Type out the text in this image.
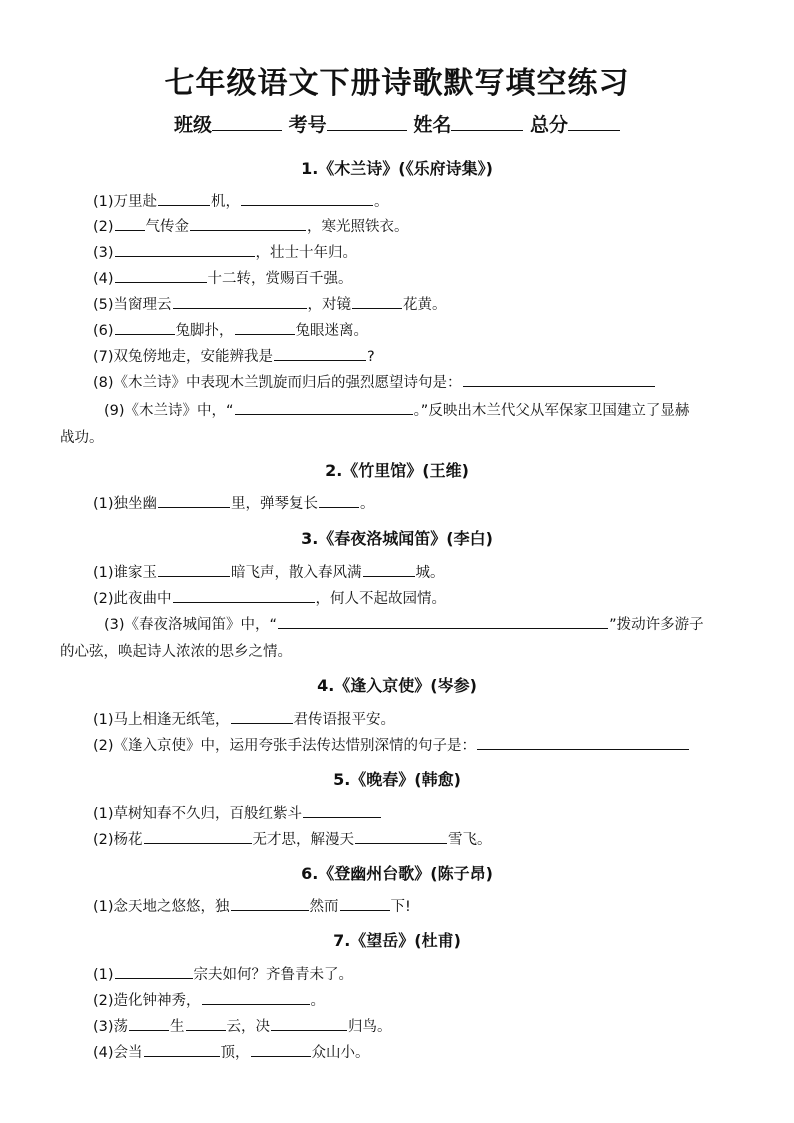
七年级语文下册诗歌默写填空练习
班级	考号	姓名	总分
1.《木兰诗》(《乐府诗集》)
(1)万里赴	机，	。
(2) 气传金	，寒光照铁衣。
(3)	，壮士十年归。
(4)	十二转，赏赐百千强。
(5)当窗理云	，对镜	花黄。
(6)	兔脚扑，	兔眼迷离。
(7)双兔傍地走，安能辨我是	?
(8)《木兰诗》中表现木兰凯旋而归后的强烈愿望诗句是：
(9)《木兰诗》中，“	。”反映出木兰代父从军保家卫国建立了显赫
战功。
2.《竹里馆》(王维)
(1)独坐幽	里，弹琴复长	。
3.《春夜洛城闻笛》(李白)
(1)谁家玉	暗飞声，散入春风满	城。
(2)此夜曲中	，何人不起故园情。
(3)《春夜洛城闻笛》中，“	”拨动许多游子
的心弦，唤起诗人浓浓的思乡之情。
4.《逢入京使》(岑参)
(1)马上相逢无纸笔，	君传语报平安。
(2)《逢入京使》中，运用夸张手法传达惜别深情的句子是：
5.《晚春》(韩愈)
(1)草树知春不久归，百般红紫斗
(2)杨花	无才思，解漫天	雪飞。
6.《登幽州台歌》(陈子昂)
(1)念天地之悠悠，独	然而	下!
7.《望岳》(杜甫)
(1)	宗夫如何？齐鲁青未了。
(2)造化钟神秀，	。
(3)荡	生	云，决	归鸟。
(4)会当	顶，	众山小。
